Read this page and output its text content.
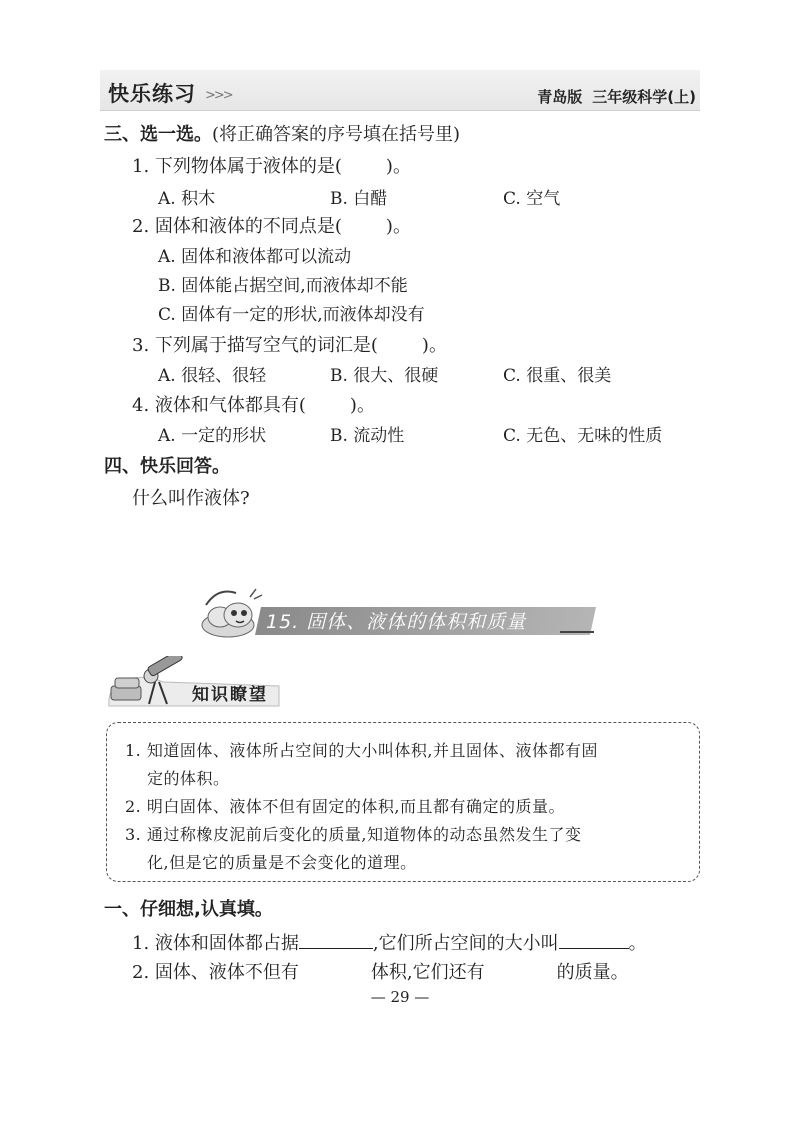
快乐练习 >>>	青岛版 三年级科学(上)
三、选一选。(将正确答案的序号填在括号里)
1. 下列物体属于液体的是( )。
A. 积木	B. 白醋	C. 空气
2. 固体和液体的不同点是( )。
A. 固体和液体都可以流动
B. 固体能占据空间,而液体却不能
C. 固体有一定的形状,而液体却没有
3. 下列属于描写空气的词汇是( )。
A. 很轻、很轻	B. 很大、很硬	C. 很重、很美
4. 液体和气体都具有( )。
A. 一定的形状	B. 流动性	C. 无色、无味的性质
四、快乐回答。
什么叫作液体?
15. 固体、液体的体积和质量
知识瞭望
1. 知道固体、液体所占空间的大小叫体积,并且固体、液体都有固
定的体积。
2. 明白固体、液体不但有固定的体积,而且都有确定的质量。
3. 通过称橡皮泥前后变化的质量,知道物体的动态虽然发生了变
化,但是它的质量是不会变化的道理。
一、仔细想,认真填。
1. 液体和固体都占据	,它们所占空间的大小叫	。
2. 固体、液体不但有	体积,它们还有	的质量。
— 29 —
